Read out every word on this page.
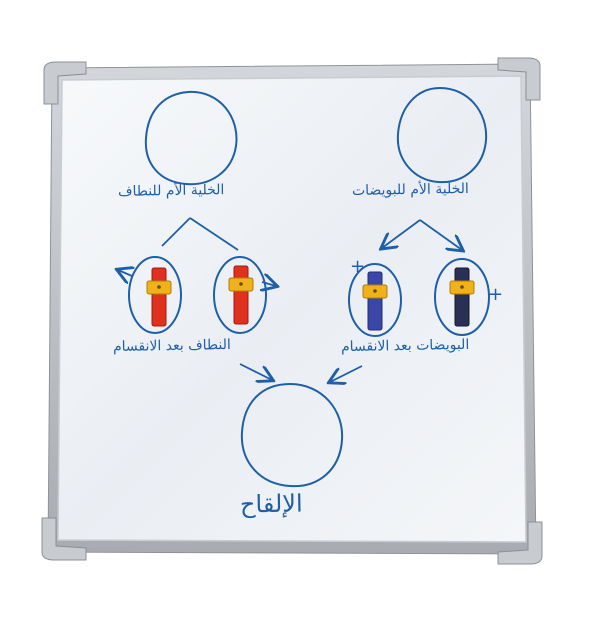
+
+
الخلية الأم للنطاف	الخلية الأم للبويضات
النطاف بعد الانقسام	البويضات بعد الانقسام
الإلقاح
